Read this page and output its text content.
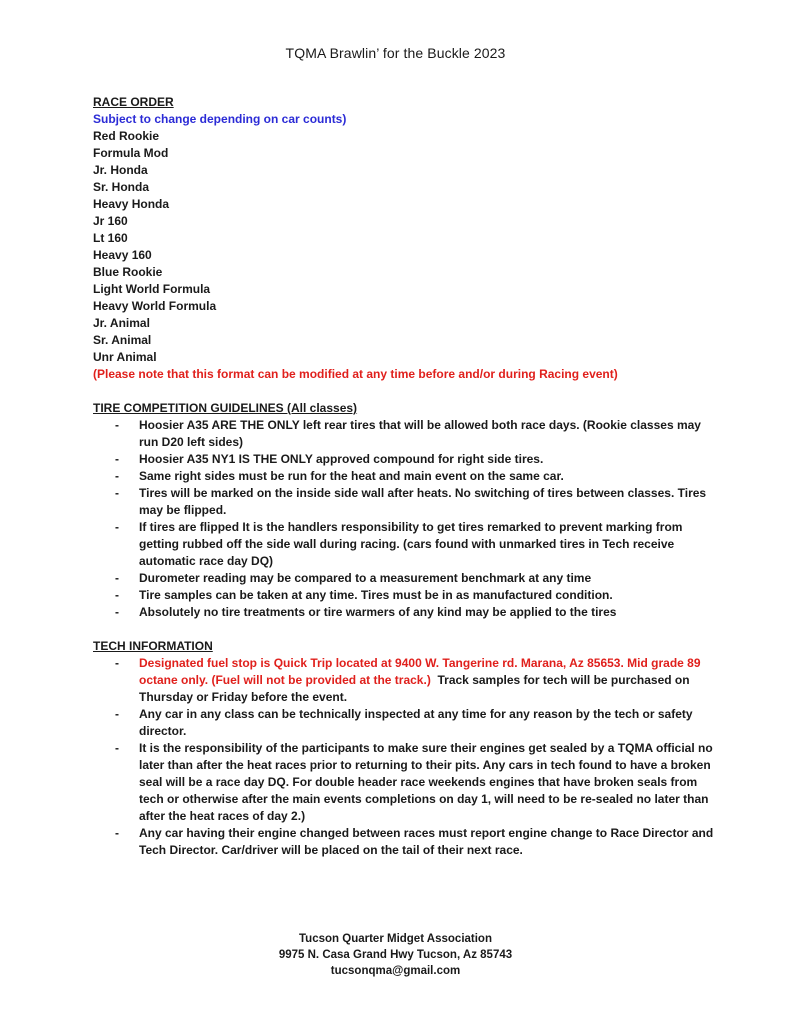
TQMA Brawlin’ for the Buckle 2023
RACE ORDER
Subject to change depending on car counts)
Red Rookie
Formula Mod
Jr. Honda
Sr. Honda
Heavy Honda
Jr 160
Lt 160
Heavy 160
Blue Rookie
Light World Formula
Heavy World Formula
Jr. Animal
Sr. Animal
Unr Animal
(Please note that this format can be modified at any time before and/or during Racing event)
TIRE COMPETITION GUIDELINES (All classes)
- Hoosier A35 ARE THE ONLY left rear tires that will be allowed both race days. (Rookie classes may run D20 left sides)
- Hoosier A35 NY1 IS THE ONLY approved compound for right side tires.
- Same right sides must be run for the heat and main event on the same car.
- Tires will be marked on the inside side wall after heats. No switching of tires between classes. Tires may be flipped.
- If tires are flipped It is the handlers responsibility to get tires remarked to prevent marking from getting rubbed off the side wall during racing. (cars found with unmarked tires in Tech receive automatic race day DQ)
- Durometer reading may be compared to a measurement benchmark at any time
- Tire samples can be taken at any time. Tires must be in as manufactured condition.
- Absolutely no tire treatments or tire warmers of any kind may be applied to the tires
TECH INFORMATION
- Designated fuel stop is Quick Trip located at 9400 W. Tangerine rd. Marana, Az 85653. Mid grade 89 octane only. (Fuel will not be provided at the track.) Track samples for tech will be purchased on Thursday or Friday before the event.
- Any car in any class can be technically inspected at any time for any reason by the tech or safety director.
- It is the responsibility of the participants to make sure their engines get sealed by a TQMA official no later than after the heat races prior to returning to their pits. Any cars in tech found to have a broken seal will be a race day DQ. For double header race weekends engines that have broken seals from tech or otherwise after the main events completions on day 1, will need to be re-sealed no later than after the heat races of day 2.)
- Any car having their engine changed between races must report engine change to Race Director and Tech Director. Car/driver will be placed on the tail of their next race.
Tucson Quarter Midget Association
9975 N. Casa Grand Hwy Tucson, Az 85743
tucsonqma@gmail.com
